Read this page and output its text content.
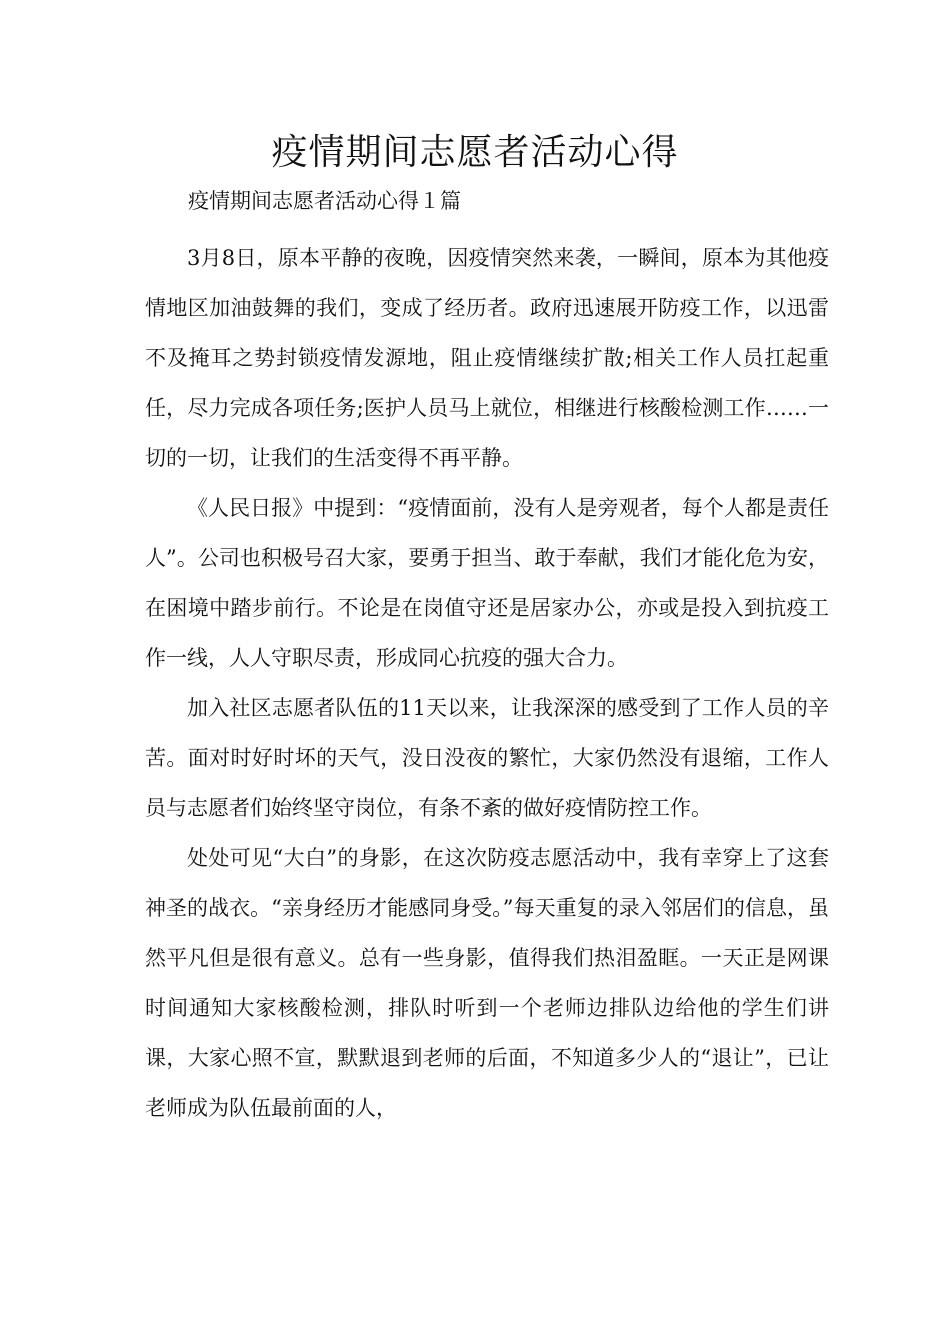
疫情期间志愿者活动心得

疫情期间志愿者活动心得１篇

3月8日，原本平静的夜晚，因疫情突然来袭，一瞬间，原本为其他疫情地区加油鼓舞的我们，变成了经历者。政府迅速展开防疫工作，以迅雷不及掩耳之势封锁疫情发源地，阻止疫情继续扩散;相关工作人员扛起重任，尽力完成各项任务;医护人员马上就位，相继进行核酸检测工作……一切的一切，让我们的生活变得不再平静。

《人民日报》中提到：“疫情面前，没有人是旁观者，每个人都是责任人”。公司也积极号召大家，要勇于担当、敢于奉献，我们才能化危为安，在困境中踏步前行。不论是在岗值守还是居家办公，亦或是投入到抗疫工作一线，人人守职尽责，形成同心抗疫的强大合力。

加入社区志愿者队伍的11天以来，让我深深的感受到了工作人员的辛苦。面对时好时坏的天气，没日没夜的繁忙，大家仍然没有退缩，工作人员与志愿者们始终坚守岗位，有条不紊的做好疫情防控工作。

处处可见“大白”的身影，在这次防疫志愿活动中，我有幸穿上了这套神圣的战衣。“亲身经历才能感同身受。”每天重复的录入邻居们的信息，虽然平凡但是很有意义。总有一些身影，值得我们热泪盈眶。一天正是网课时间通知大家核酸检测，排队时听到一个老师边排队边给他的学生们讲课，大家心照不宣，默默退到老师的后面，不知道多少人的“退让”，已让老师成为队伍最前面的人，
